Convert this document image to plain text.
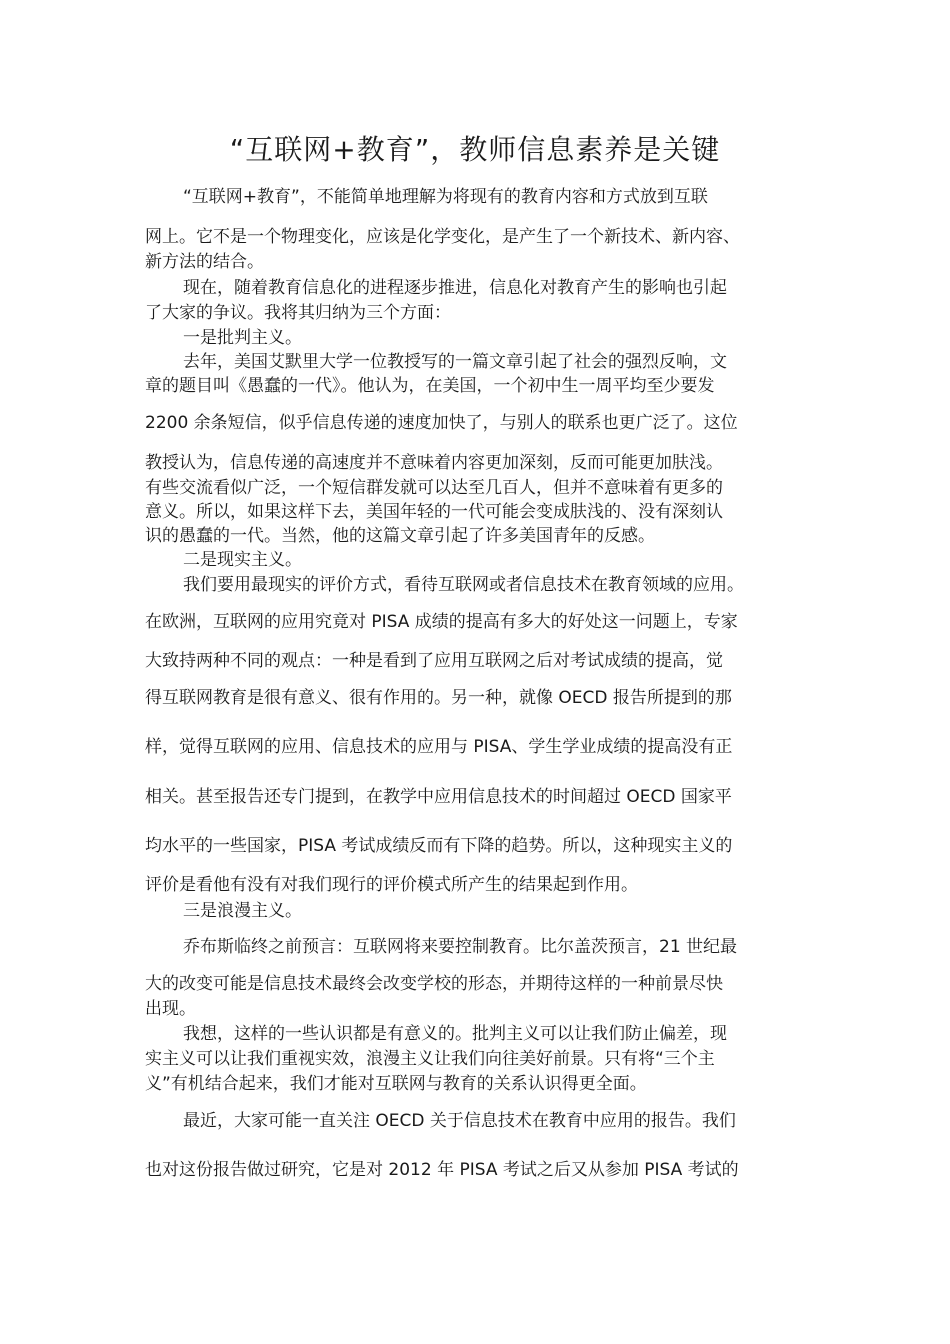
“互联网+教育”，教师信息素养是关键
“互联网+教育”，不能简单地理解为将现有的教育内容和方式放到互联
网上。它不是一个物理变化，应该是化学变化，是产生了一个新技术、新内容、
新方法的结合。
现在，随着教育信息化的进程逐步推进，信息化对教育产生的影响也引起
了大家的争议。我将其归纳为三个方面：
一是批判主义。
去年，美国艾默里大学一位教授写的一篇文章引起了社会的强烈反响，文
章的题目叫《愚蠢的一代》。他认为，在美国，一个初中生一周平均至少要发
2200 余条短信，似乎信息传递的速度加快了，与别人的联系也更广泛了。这位
教授认为，信息传递的高速度并不意味着内容更加深刻，反而可能更加肤浅。
有些交流看似广泛，一个短信群发就可以达至几百人，但并不意味着有更多的
意义。所以，如果这样下去，美国年轻的一代可能会变成肤浅的、没有深刻认
识的愚蠢的一代。当然，他的这篇文章引起了许多美国青年的反感。
二是现实主义。
我们要用最现实的评价方式，看待互联网或者信息技术在教育领域的应用。
在欧洲，互联网的应用究竟对 PISA 成绩的提高有多大的好处这一问题上，专家
大致持两种不同的观点：一种是看到了应用互联网之后对考试成绩的提高，觉
得互联网教育是很有意义、很有作用的。另一种，就像 OECD 报告所提到的那
样，觉得互联网的应用、信息技术的应用与 PISA、学生学业成绩的提高没有正
相关。甚至报告还专门提到，在教学中应用信息技术的时间超过 OECD 国家平
均水平的一些国家，PISA 考试成绩反而有下降的趋势。所以，这种现实主义的
评价是看他有没有对我们现行的评价模式所产生的结果起到作用。
三是浪漫主义。
乔布斯临终之前预言：互联网将来要控制教育。比尔盖茨预言，21 世纪最
大的改变可能是信息技术最终会改变学校的形态，并期待这样的一种前景尽快
出现。
我想，这样的一些认识都是有意义的。批判主义可以让我们防止偏差，现
实主义可以让我们重视实效，浪漫主义让我们向往美好前景。只有将“三个主
义”有机结合起来，我们才能对互联网与教育的关系认识得更全面。
最近，大家可能一直关注 OECD 关于信息技术在教育中应用的报告。我们
也对这份报告做过研究，它是对 2012 年 PISA 考试之后又从参加 PISA 考试的
